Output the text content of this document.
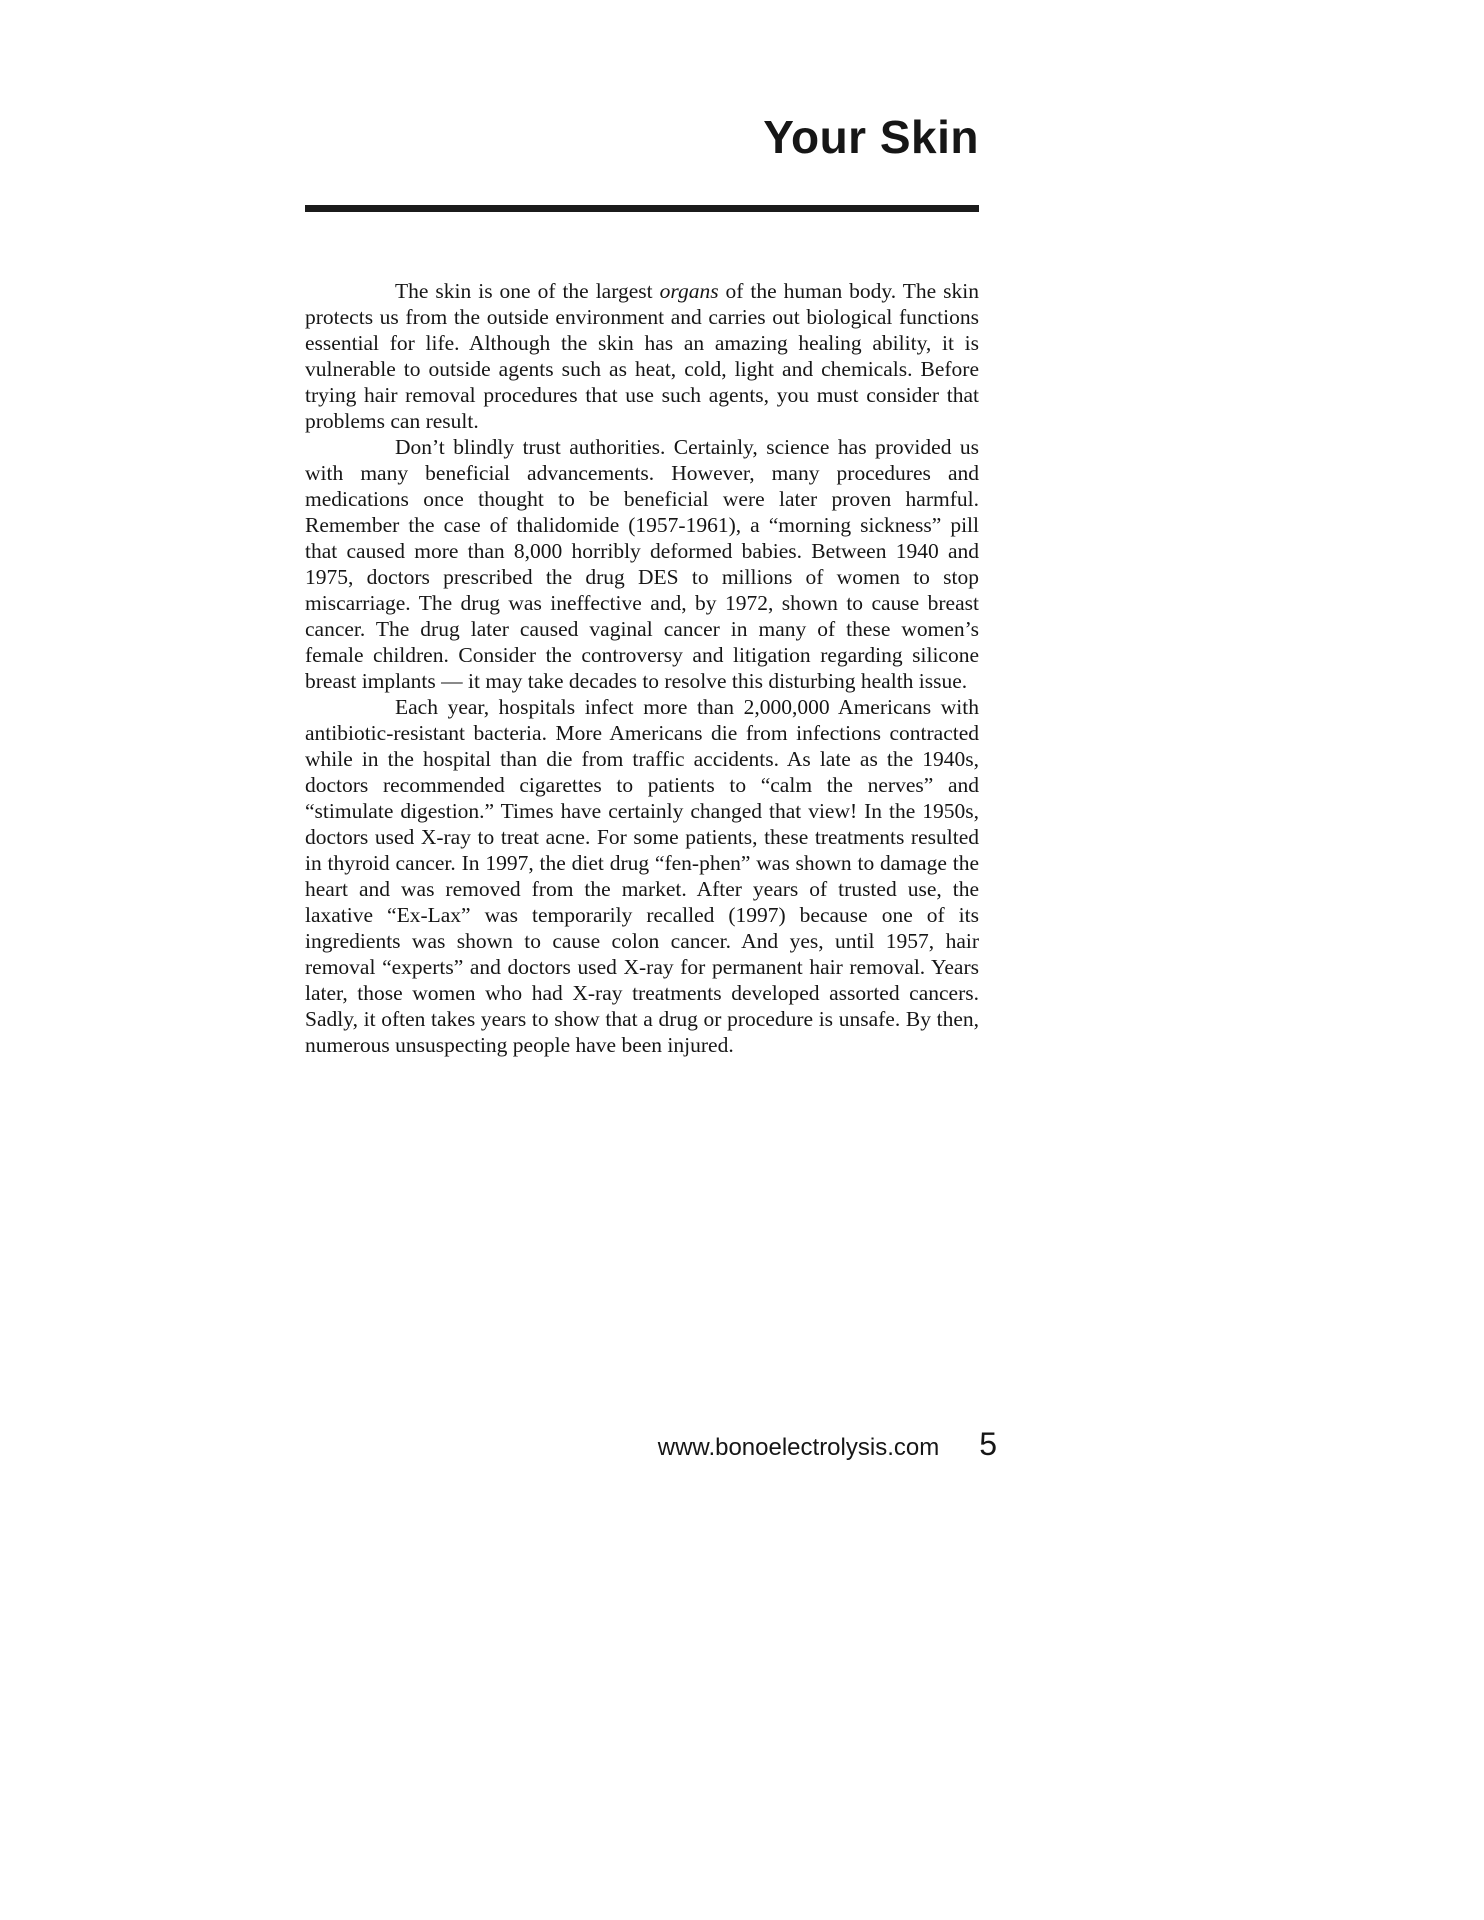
Your Skin

The skin is one of the largest organs of the human body. The skin protects us from the outside environment and carries out biological functions essential for life. Although the skin has an amazing healing ability, it is vulnerable to outside agents such as heat, cold, light and chemicals. Before trying hair removal procedures that use such agents, you must consider that problems can result.

Don’t blindly trust authorities. Certainly, science has provided us with many beneficial advancements. However, many procedures and medications once thought to be beneficial were later proven harmful. Remember the case of thalidomide (1957-1961), a “morning sickness” pill that caused more than 8,000 horribly deformed babies. Between 1940 and 1975, doctors prescribed the drug DES to millions of women to stop miscarriage. The drug was ineffective and, by 1972, shown to cause breast cancer. The drug later caused vaginal cancer in many of these women’s female children. Consider the controversy and litigation regarding silicone breast implants — it may take decades to resolve this disturbing health issue.

Each year, hospitals infect more than 2,000,000 Americans with antibiotic-resistant bacteria. More Americans die from infections contracted while in the hospital than die from traffic accidents. As late as the 1940s, doctors recommended cigarettes to patients to “calm the nerves” and “stimulate digestion.” Times have certainly changed that view! In the 1950s, doctors used X-ray to treat acne. For some patients, these treatments resulted in thyroid cancer. In 1997, the diet drug “fen-phen” was shown to damage the heart and was removed from the market. After years of trusted use, the laxative “Ex-Lax” was temporarily recalled (1997) because one of its ingredients was shown to cause colon cancer. And yes, until 1957, hair removal “experts” and doctors used X-ray for permanent hair removal. Years later, those women who had X-ray treatments developed assorted cancers. Sadly, it often takes years to show that a drug or procedure is unsafe. By then, numerous unsuspecting people have been injured.

www.bonoelectrolysis.com 5
